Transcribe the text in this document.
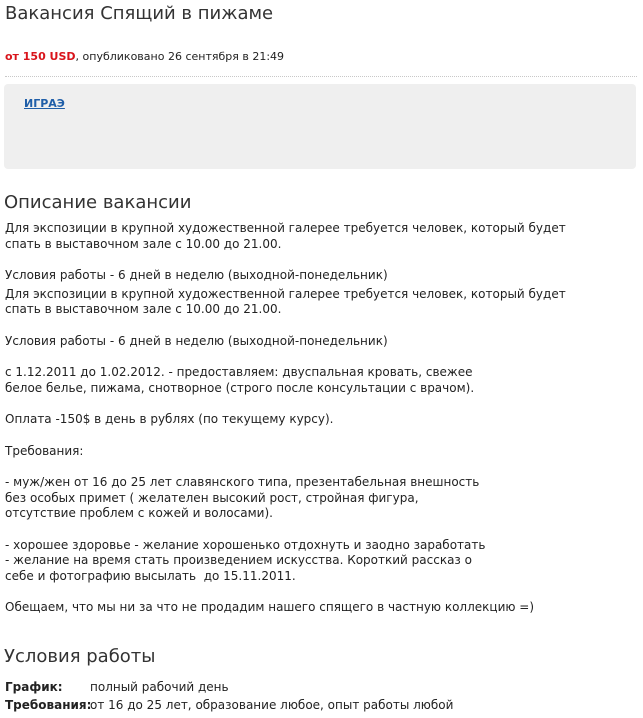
Вакансия Спящий в пижаме
от 150 USD, опубликовано 26 сентября в 21:49
ИГРАЭ
Описание вакансии

Для экспозиции в крупной художественной галерее требуется человек, который будет

спать в выставочном зале с 10.00 до 21.00.

Условия работы - 6 дней в неделю (выходной-понедельник)

Для экспозиции в крупной художественной галерее требуется человек, который будет

спать в выставочном зале с 10.00 до 21.00.

Условия работы - 6 дней в неделю (выходной-понедельник)

с 1.12.2011 до 1.02.2012. - предоставляем: двуспальная кровать, свежее

белое белье, пижама, снотворное (строго после консультации с врачом).

Оплата -150$ в день в рублях (по текущему курсу).

Требования:

- муж/жен от 16 до 25 лет славянского типа, презентабельная внешность

без особых примет ( желателен высокий рост, стройная фигура,

отсутствие проблем с кожей и волосами).

- хорошее здоровье - желание хорошенько отдохнуть и заодно заработать

- желание на время стать произведением искусства. Короткий рассказ о

себе и фотографию высылать  до 15.11.2011.

Обещаем, что мы ни за что не продадим нашего спящего в частную коллекцию =)

Условия работы
График:	полный рабочий день
Требования:
от 16 до 25 лет, образование любое, опыт работы любой
